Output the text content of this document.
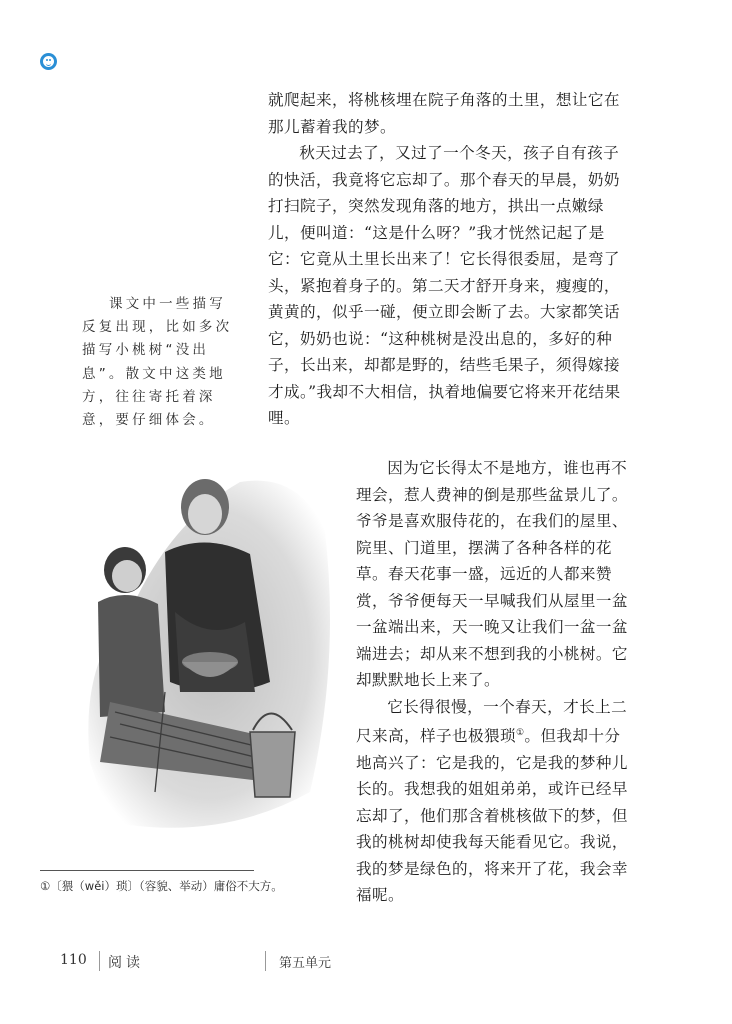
就爬起来，将桃核埋在院子角落的土里，想让它在那儿蓄着我的梦。

秋天过去了，又过了一个冬天，孩子自有孩子的快活，我竟将它忘却了。那个春天的早晨，奶奶打扫院子，突然发现角落的地方，拱出一点嫩绿儿，便叫道：“这是什么呀？”我才恍然记起了是它：它竟从土里长出来了！它长得很委屈，是弯了头，紧抱着身子的。第二天才舒开身来，瘦瘦的，黄黄的，似乎一碰，便立即会断了去。大家都笑话它，奶奶也说：“这种桃树是没出息的，多好的种子，长出来，却都是野的，结些毛果子，须得嫁接才成。”我却不大相信，执着地偏要它将来开花结果哩。

因为它长得太不是地方，谁也再不理会，惹人费神的倒是那些盆景儿了。爷爷是喜欢服侍花的，在我们的屋里、院里、门道里，摆满了各种各样的花草。春天花事一盛，远近的人都来赞赏，爷爷便每天一早喊我们从屋里一盆一盆端出来，天一晚又让我们一盆一盆端进去；却从来不想到我的小桃树。它却默默地长上来了。

它长得很慢，一个春天，才长上二尺来高，样子也极猥琐①。但我却十分地高兴了：它是我的，它是我的梦种儿长的。我想我的姐姐弟弟，或许已经早忘却了，他们那含着桃核做下的梦，但我的桃树却使我每天能看见它。我说，我的梦是绿色的，将来开了花，我会幸福呢。

课文中一些描写反复出现，比如多次描写小桃树“没出息”。散文中这类地方，往往寄托着深意，要仔细体会。

①〔猥（wěi）琐〕（容貌、举动）庸俗不大方。

110 阅读	第五单元
